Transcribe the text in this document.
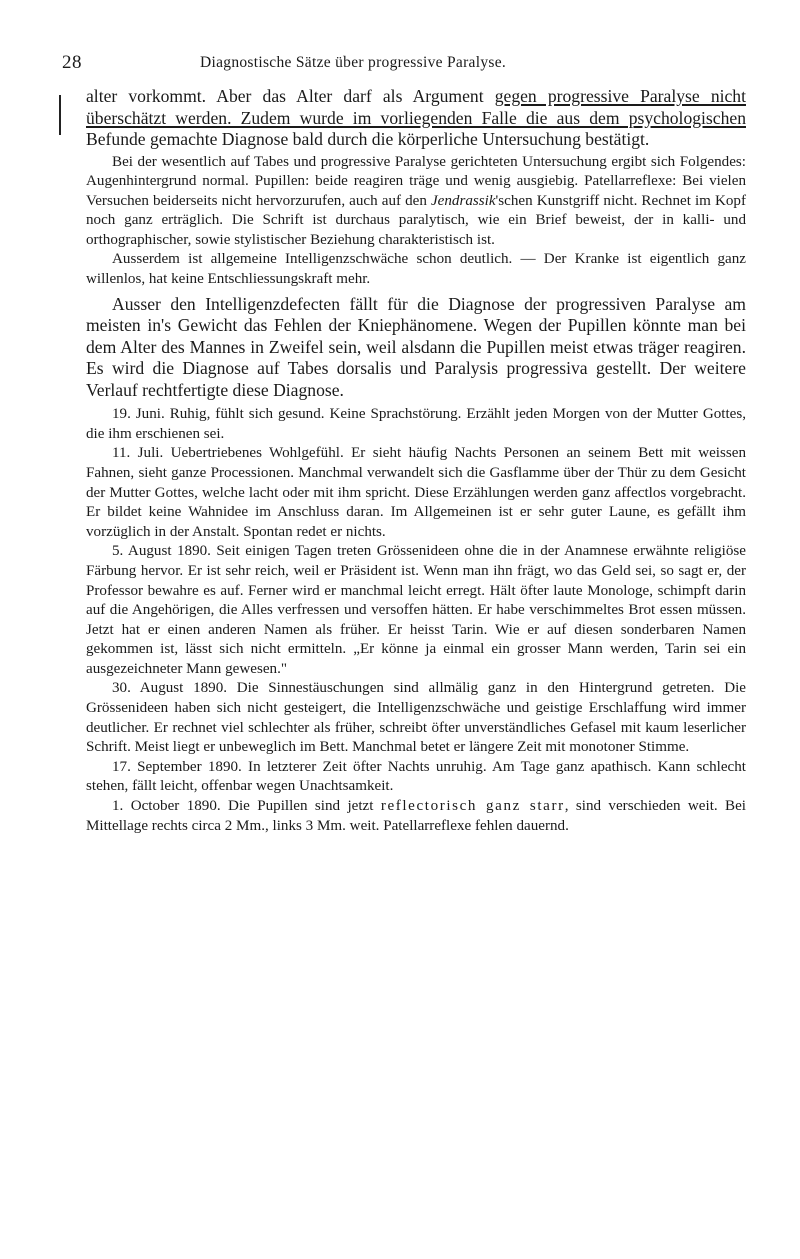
28	Diagnostische Sätze über progressive Paralyse.

alter vorkommt. Aber das Alter darf als Argument gegen progressive Paralyse nicht überschätzt werden. Zudem wurde im vorliegenden Falle die aus dem psychologischen Befunde gemachte Diagnose bald durch die körperliche Untersuchung bestätigt.

Bei der wesentlich auf Tabes und progressive Paralyse gerichteten Untersuchung ergibt sich Folgendes: Augenhintergrund normal. Pupillen: beide reagiren träge und wenig ausgiebig. Patellarreflexe: Bei vielen Versuchen beiderseits nicht hervorzurufen, auch auf den Jendrassik'schen Kunstgriff nicht. Rechnet im Kopf noch ganz erträglich. Die Schrift ist durchaus paralytisch, wie ein Brief beweist, der in kalli- und orthographischer, sowie stylistischer Beziehung charakteristisch ist.

Ausserdem ist allgemeine Intelligenzschwäche schon deutlich. — Der Kranke ist eigentlich ganz willenlos, hat keine Entschliessungskraft mehr.

Ausser den Intelligenzdefecten fällt für die Diagnose der progressiven Paralyse am meisten in's Gewicht das Fehlen der Kniephänomene. Wegen der Pupillen könnte man bei dem Alter des Mannes in Zweifel sein, weil alsdann die Pupillen meist etwas träger reagiren. Es wird die Diagnose auf Tabes dorsalis und Paralysis progressiva gestellt. Der weitere Verlauf rechtfertigte diese Diagnose.

19. Juni. Ruhig, fühlt sich gesund. Keine Sprachstörung. Erzählt jeden Morgen von der Mutter Gottes, die ihm erschienen sei.

11. Juli. Uebertriebenes Wohlgefühl. Er sieht häufig Nachts Personen an seinem Bett mit weissen Fahnen, sieht ganze Processionen. Manchmal verwandelt sich die Gasflamme über der Thür zu dem Gesicht der Mutter Gottes, welche lacht oder mit ihm spricht. Diese Erzählungen werden ganz affectlos vorgebracht. Er bildet keine Wahnidee im Anschluss daran. Im Allgemeinen ist er sehr guter Laune, es gefällt ihm vorzüglich in der Anstalt. Spontan redet er nichts.

5. August 1890. Seit einigen Tagen treten Grössenideen ohne die in der Anamnese erwähnte religiöse Färbung hervor. Er ist sehr reich, weil er Präsident ist. Wenn man ihn frägt, wo das Geld sei, so sagt er, der Professor bewahre es auf. Ferner wird er manchmal leicht erregt. Hält öfter laute Monologe, schimpft darin auf die Angehörigen, die Alles verfressen und versoffen hätten. Er habe verschimmeltes Brot essen müssen. Jetzt hat er einen anderen Namen als früher. Er heisst Tarin. Wie er auf diesen sonderbaren Namen gekommen ist, lässt sich nicht ermitteln. „Er könne ja einmal ein grosser Mann werden, Tarin sei ein ausgezeichneter Mann gewesen."

30. August 1890. Die Sinnestäuschungen sind allmälig ganz in den Hintergrund getreten. Die Grössenideen haben sich nicht gesteigert, die Intelligenzschwäche und geistige Erschlaffung wird immer deutlicher. Er rechnet viel schlechter als früher, schreibt öfter unverständliches Gefasel mit kaum leserlicher Schrift. Meist liegt er unbeweglich im Bett. Manchmal betet er längere Zeit mit monotoner Stimme.

17. September 1890. In letzterer Zeit öfter Nachts unruhig. Am Tage ganz apathisch. Kann schlecht stehen, fällt leicht, offenbar wegen Unachtsamkeit.

1. October 1890. Die Pupillen sind jetzt reflectorisch ganz starr, sind verschieden weit. Bei Mittellage rechts circa 2 Mm., links 3 Mm. weit. Patellarreflexe fehlen dauernd.
